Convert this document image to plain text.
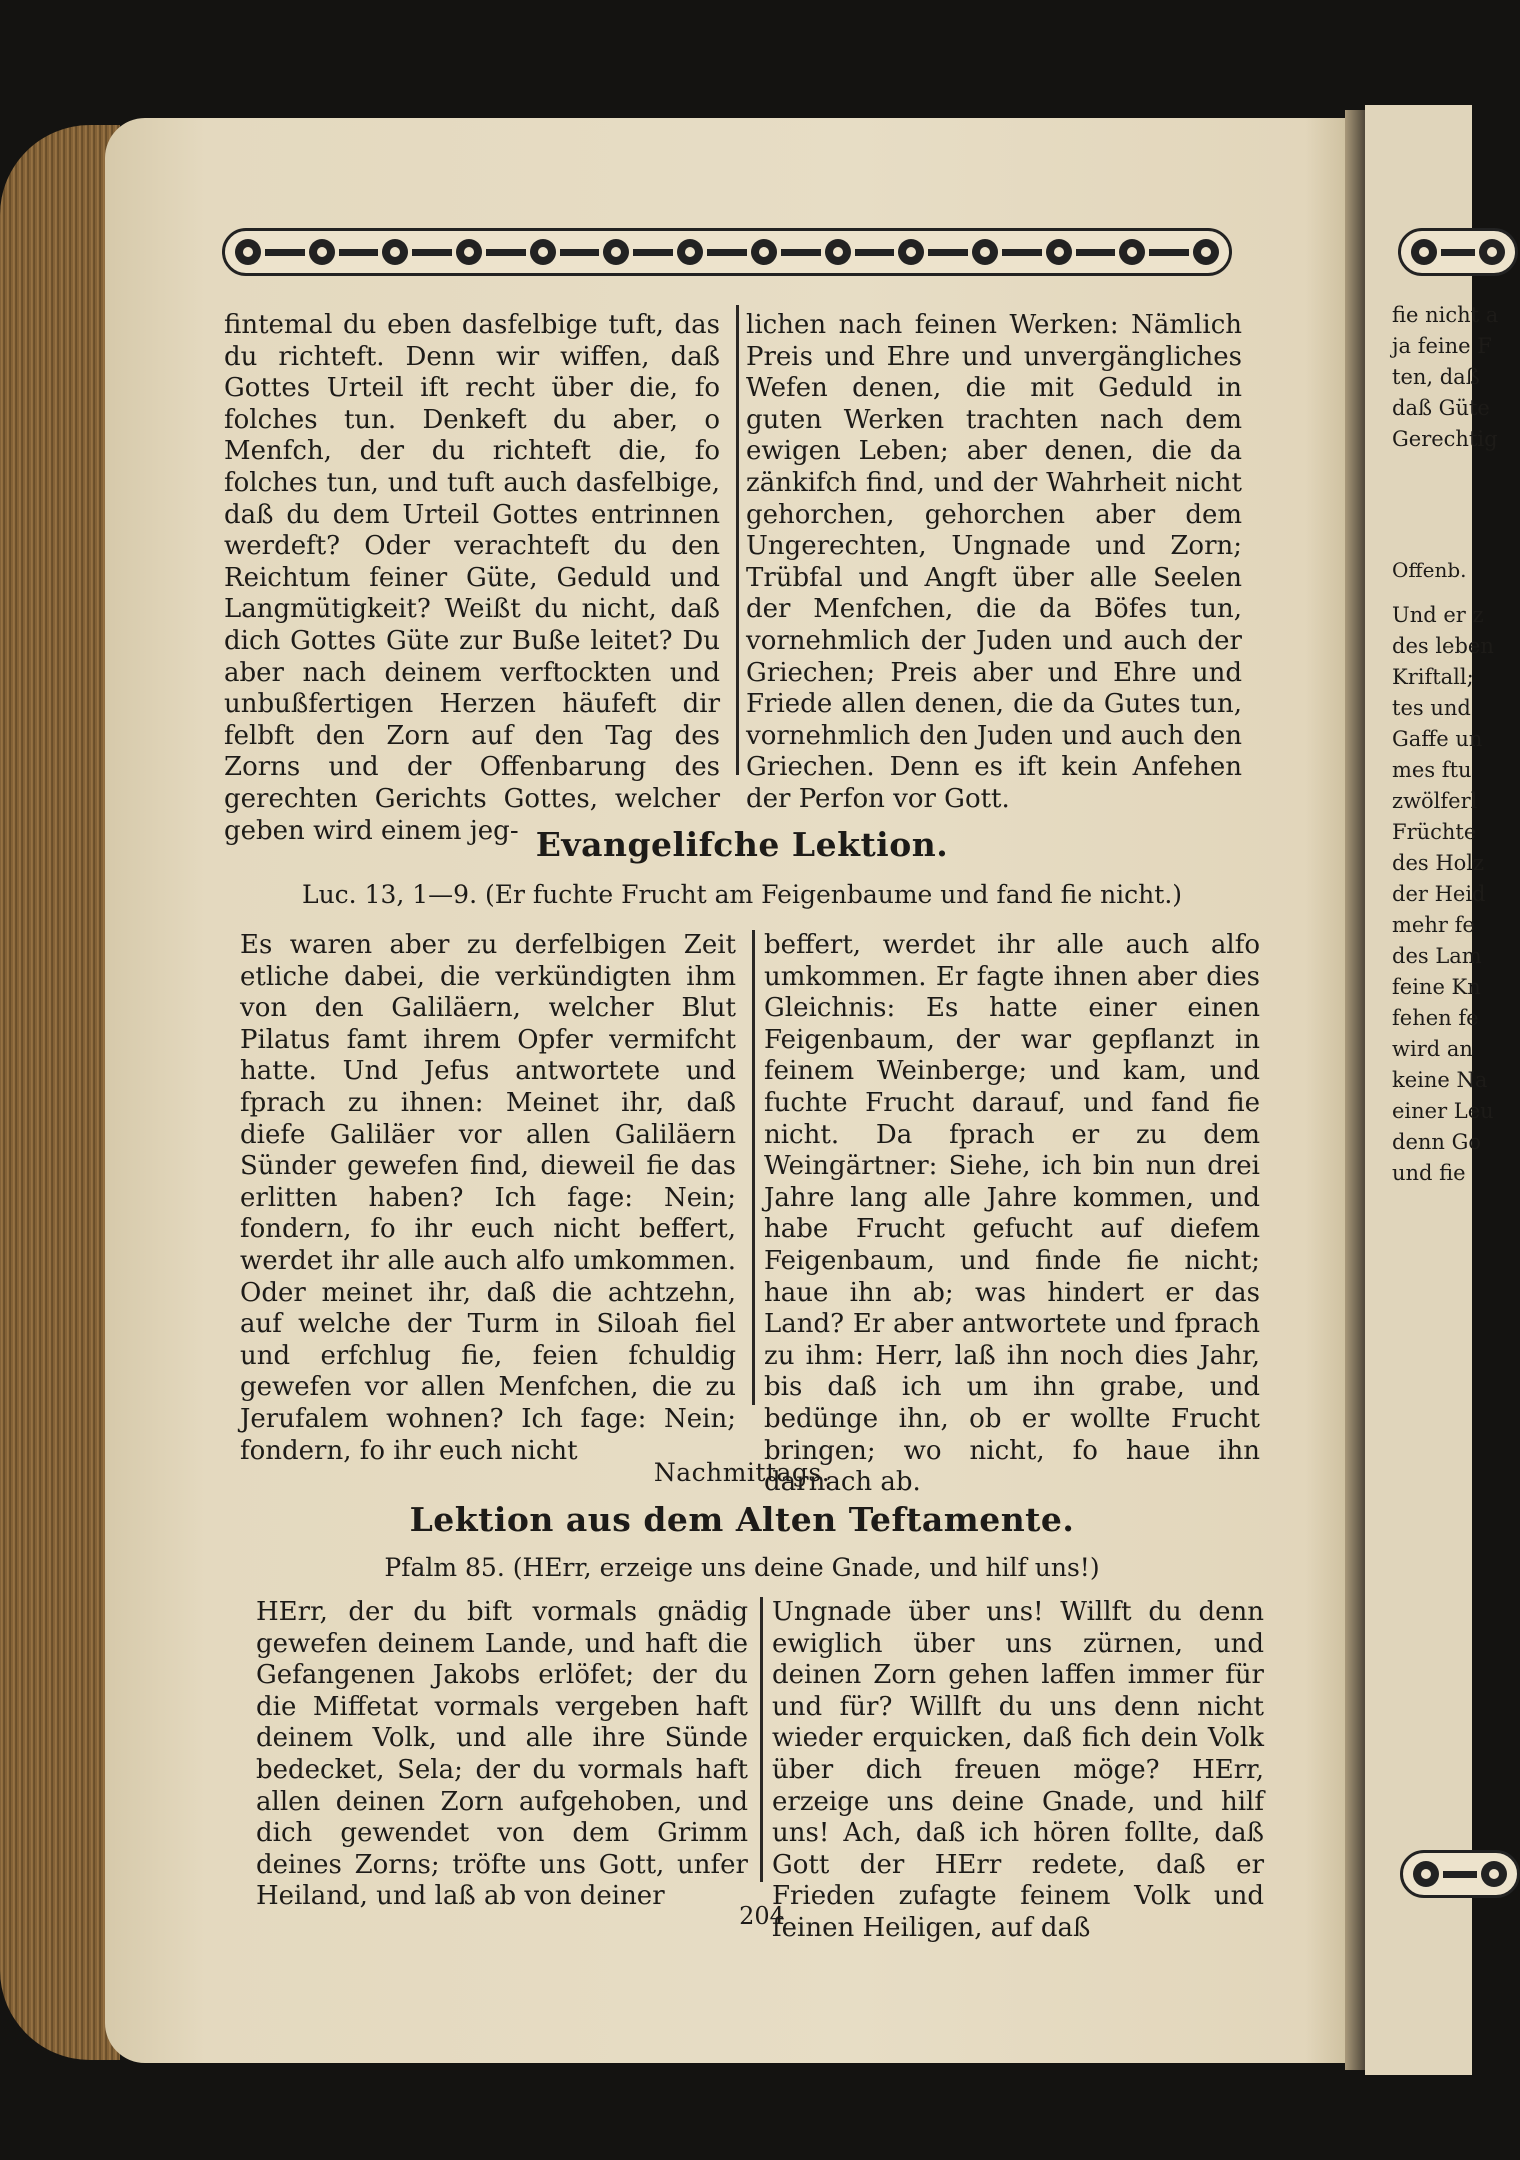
fintemal du eben dasfelbige tuft, das du richteft. Denn wir wiffen, daß Gottes Urteil ift recht über die, fo folches tun. Denkeft du aber, o Menfch, der du richteft die, fo folches tun, und tuft auch dasfelbige, daß du dem Urteil Gottes entrinnen werdeft? Oder verachteft du den Reichtum feiner Güte, Geduld und Langmütigkeit? Weißt du nicht, daß dich Gottes Güte zur Buße leitet? Du aber nach deinem verftockten und unbußfertigen Herzen häufeft dir felbft den Zorn auf den Tag des Zorns und der Offenbarung des gerechten Gerichts Gottes, welcher geben wird einem jeg-

lichen nach feinen Werken: Nämlich Preis und Ehre und unvergängliches Wefen denen, die mit Geduld in guten Werken trachten nach dem ewigen Leben; aber denen, die da zänkifch find, und der Wahrheit nicht gehorchen, gehorchen aber dem Ungerechten, Ungnade und Zorn; Trübfal und Angft über alle Seelen der Menfchen, die da Böfes tun, vornehmlich der Juden und auch der Griechen; Preis aber und Ehre und Friede allen denen, die da Gutes tun, vornehmlich den Juden und auch den Griechen. Denn es ift kein Anfehen der Perfon vor Gott.

Evangelifche Lektion.
Luc. 13, 1—9. (Er fuchte Frucht am Feigenbaume und fand fie nicht.)

Es waren aber zu derfelbigen Zeit etliche dabei, die verkündigten ihm von den Galiläern, welcher Blut Pilatus famt ihrem Opfer vermifcht hatte. Und Jefus antwortete und fprach zu ihnen: Meinet ihr, daß diefe Galiläer vor allen Galiläern Sünder gewefen find, dieweil fie das erlitten haben? Ich fage: Nein; fondern, fo ihr euch nicht beffert, werdet ihr alle auch alfo umkommen. Oder meinet ihr, daß die achtzehn, auf welche der Turm in Siloah fiel und erfchlug fie, feien fchuldig gewefen vor allen Menfchen, die zu Jerufalem wohnen? Ich fage: Nein; fondern, fo ihr euch nicht

beffert, werdet ihr alle auch alfo umkommen. Er fagte ihnen aber dies Gleichnis: Es hatte einer einen Feigenbaum, der war gepflanzt in feinem Weinberge; und kam, und fuchte Frucht darauf, und fand fie nicht. Da fprach er zu dem Weingärtner: Siehe, ich bin nun drei Jahre lang alle Jahre kommen, und habe Frucht gefucht auf diefem Feigenbaum, und finde fie nicht; haue ihn ab; was hindert er das Land? Er aber antwortete und fprach zu ihm: Herr, laß ihn noch dies Jahr, bis daß ich um ihn grabe, und bedünge ihn, ob er wollte Frucht bringen; wo nicht, fo haue ihn darnach ab.

Nachmittags.
Lektion aus dem Alten Teftamente.
Pfalm 85. (HErr, erzeige uns deine Gnade, und hilf uns!)

HErr, der du bift vormals gnädig gewefen deinem Lande, und haft die Gefangenen Jakobs erlöfet; der du die Miffetat vormals vergeben haft deinem Volk, und alle ihre Sünde bedecket, Sela; der du vormals haft allen deinen Zorn aufgehoben, und dich gewendet von dem Grimm deines Zorns; tröfte uns Gott, unfer Heiland, und laß ab von deiner

Ungnade über uns! Willft du denn ewiglich über uns zürnen, und deinen Zorn gehen laffen immer für und für? Willft du uns denn nicht wieder erquicken, daß fich dein Volk über dich freuen möge? HErr, erzeige uns deine Gnade, und hilf uns! Ach, daß ich hören follte, daß Gott der HErr redete, daß er Frieden zufagte feinem Volk und feinen Heiligen, auf daß

204
fie nicht a
ja feine F
ten, daß
daß Güte
Gerechtig
Offenb.
Und er z
des leben
Kriftall;
tes und
Gaffe un
mes ftu
zwölferl
Früchte
des Holz
der Heid
mehr fe
des Lam
feine Kn
fehen fe
wird an
keine Na
einer Leu
denn Go
und fie
